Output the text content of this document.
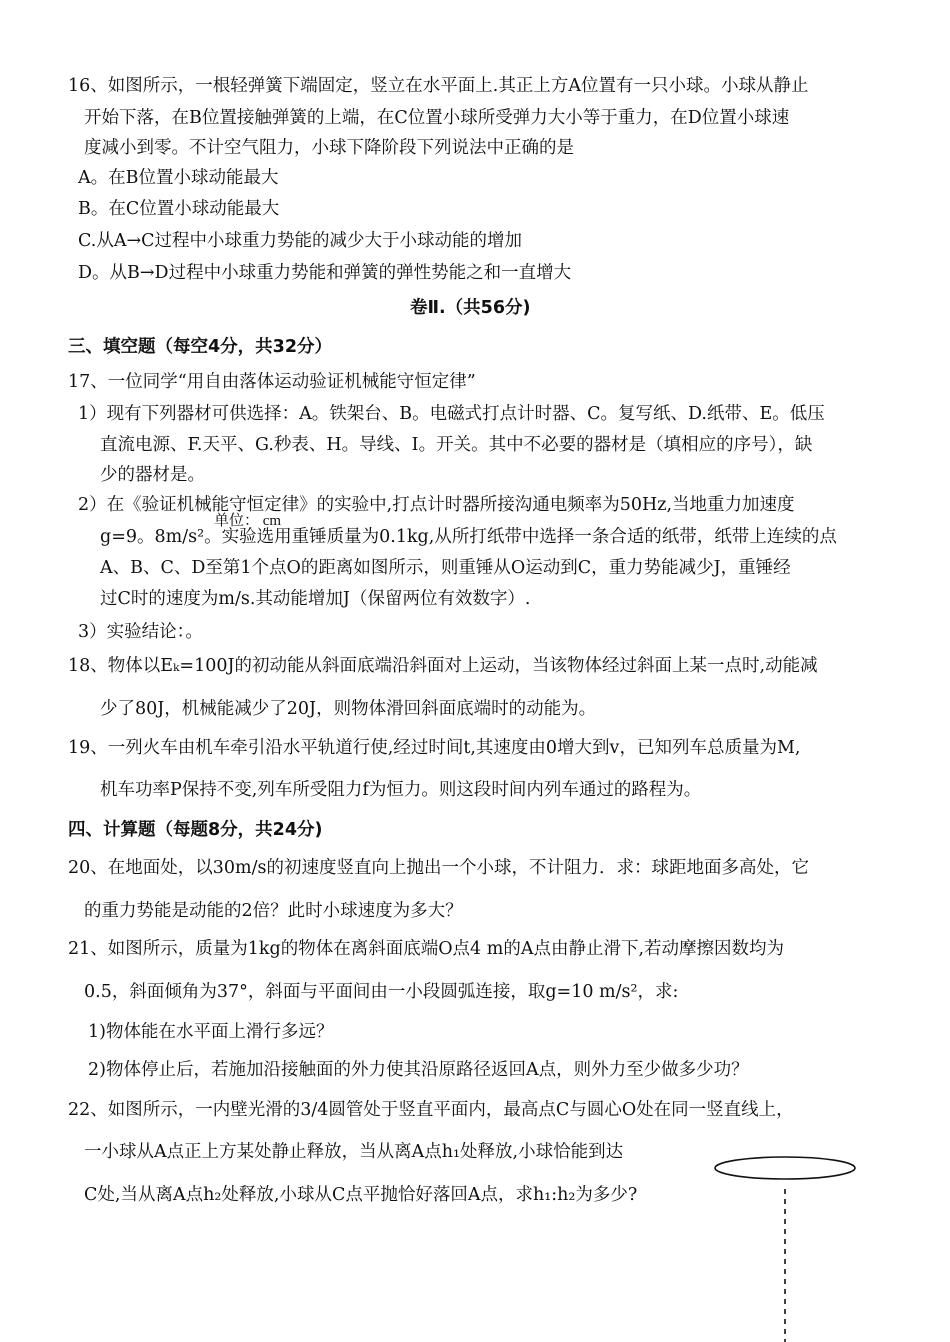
16、如图所示，一根轻弹簧下端固定，竖立在水平面上.其正上方A位置有一只小球。小球从静止
开始下落，在B位置接触弹簧的上端，在C位置小球所受弹力大小等于重力，在D位置小球速
度减小到零。不计空气阻力，小球下降阶段下列说法中正确的是
A。在B位置小球动能最大
B。在C位置小球动能最大
C.从A→C过程中小球重力势能的减少大于小球动能的增加
D。从B→D过程中小球重力势能和弹簧的弹性势能之和一直增大
卷Ⅱ.（共56分)
三、填空题（每空4分，共32分）
17、一位同学“用自由落体运动验证机械能守恒定律”
1）现有下列器材可供选择：A。铁架台、B。电磁式打点计时器、C。复写纸、D.纸带、E。低压
直流电源、F.天平、G.秒表、H。导线、I。开关。其中不必要的器材是（填相应的序号），缺
少的器材是。
2）在《验证机械能守恒定律》的实验中,打点计时器所接沟通电频率为50Hz,当地重力加速度
单位： cm
g=9。8m/s²。实验选用重锤质量为0.1kg,从所打纸带中选择一条合适的纸带，纸带上连续的点
A、B、C、D至第1个点O的距离如图所示，则重锤从O运动到C，重力势能减少J，重锤经
过C时的速度为m/s.其动能增加J（保留两位有效数字）.
3）实验结论：。
18、物体以Eₖ=100J的初动能从斜面底端沿斜面对上运动，当该物体经过斜面上某一点时,动能减
少了80J，机械能减少了20J，则物体滑回斜面底端时的动能为。
19、一列火车由机车牵引沿水平轨道行使,经过时间t,其速度由0增大到v，已知列车总质量为M,
机车功率P保持不变,列车所受阻力f为恒力。则这段时间内列车通过的路程为。
四、计算题（每题8分，共24分)
20、在地面处，以30m/s的初速度竖直向上抛出一个小球，不计阻力．求：球距地面多高处，它
的重力势能是动能的2倍？此时小球速度为多大？
21、如图所示，质量为1kg的物体在离斜面底端O点4 m的A点由静止滑下,若动摩擦因数均为
0.5，斜面倾角为37°，斜面与平面间由一小段圆弧连接，取g=10 m/s²，求:
1)物体能在水平面上滑行多远？
2)物体停止后，若施加沿接触面的外力使其沿原路径返回A点，则外力至少做多少功？
22、如图所示，一内壁光滑的3/4圆管处于竖直平面内，最高点C与圆心O处在同一竖直线上，
一小球从A点正上方某处静止释放，当从离A点h₁处释放,小球恰能到达
C处,当从离A点h₂处释放,小球从C点平抛恰好落回A点，求h₁:h₂为多少?
